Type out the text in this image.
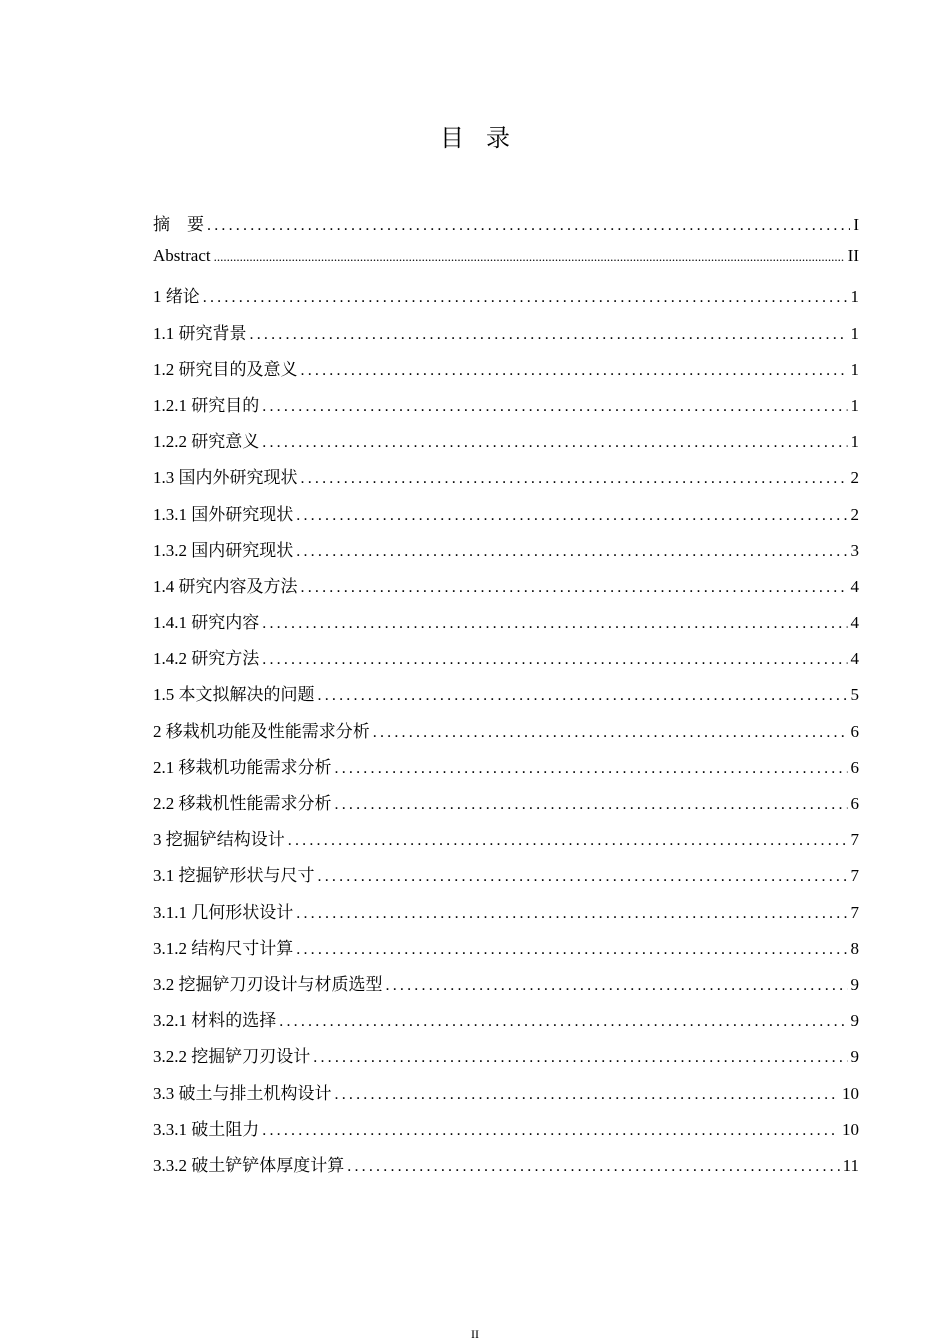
目录
摘　要 .....	I
Abstract .....	II
1 绪论 .....	1
1.1 研究背景 .....	1
1.2 研究目的及意义 .....	1
1.2.1 研究目的 .....	1
1.2.2 研究意义 .....	1
1.3 国内外研究现状 .....	2
1.3.1 国外研究现状 .....	2
1.3.2 国内研究现状 .....	3
1.4 研究内容及方法 .....	4
1.4.1 研究内容 .....	4
1.4.2 研究方法 .....	4
1.5 本文拟解决的问题 .....	5
2 移栽机功能及性能需求分析 .....	6
2.1 移栽机功能需求分析 .....	6
2.2 移栽机性能需求分析 .....	6
3 挖掘铲结构设计 .....	7
3.1 挖掘铲形状与尺寸 .....	7
3.1.1 几何形状设计 .....	7
3.1.2 结构尺寸计算 .....	8
3.2 挖掘铲刀刃设计与材质选型 .....	9
3.2.1 材料的选择 .....	9
3.2.2 挖掘铲刀刃设计 .....	9
3.3 破土与排土机构设计 .....	10
3.3.1 破土阻力 .....	10
3.3.2 破土铲铲体厚度计算 .....	11
II
